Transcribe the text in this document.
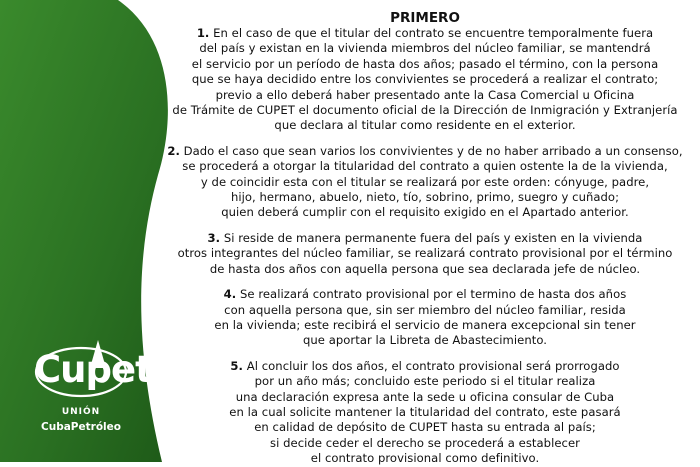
Cupet
UNIÓN
CubaPetróleo
PRIMERO
1. En el caso de que el titular del contrato se encuentre temporalmente fuera
del país y existan en la vivienda miembros del núcleo familiar, se mantendrá
el servicio por un período de hasta dos años; pasado el término, con la persona
que se haya decidido entre los convivientes se procederá a realizar el contrato;
previo a ello deberá haber presentado ante la Casa Comercial u Oficina
de Trámite de CUPET el documento oficial de la Dirección de Inmigración y Extranjería
que declara al titular como residente en el exterior.
2. Dado el caso que sean varios los convivientes y de no haber arribado a un consenso,
se procederá a otorgar la titularidad del contrato a quien ostente la de la vivienda,
y de coincidir esta con el titular se realizará por este orden: cónyuge, padre,
hijo, hermano, abuelo, nieto, tío, sobrino, primo, suegro y cuñado;
quien deberá cumplir con el requisito exigido en el Apartado anterior.
3. Si reside de manera permanente fuera del país y existen en la vivienda
otros integrantes del núcleo familiar, se realizará contrato provisional por el término
de hasta dos años con aquella persona que sea declarada jefe de núcleo.
4. Se realizará contrato provisional por el termino de hasta dos años
con aquella persona que, sin ser miembro del núcleo familiar, resida
en la vivienda; este recibirá el servicio de manera excepcional sin tener
que aportar la Libreta de Abastecimiento.
5. Al concluir los dos años, el contrato provisional será prorrogado
por un año más; concluido este periodo si el titular realiza
una declaración expresa ante la sede u oficina consular de Cuba
en la cual solicite mantener la titularidad del contrato, este pasará
en calidad de depósito de CUPET hasta su entrada al país;
si decide ceder el derecho se procederá a establecer
el contrato provisional como definitivo.
